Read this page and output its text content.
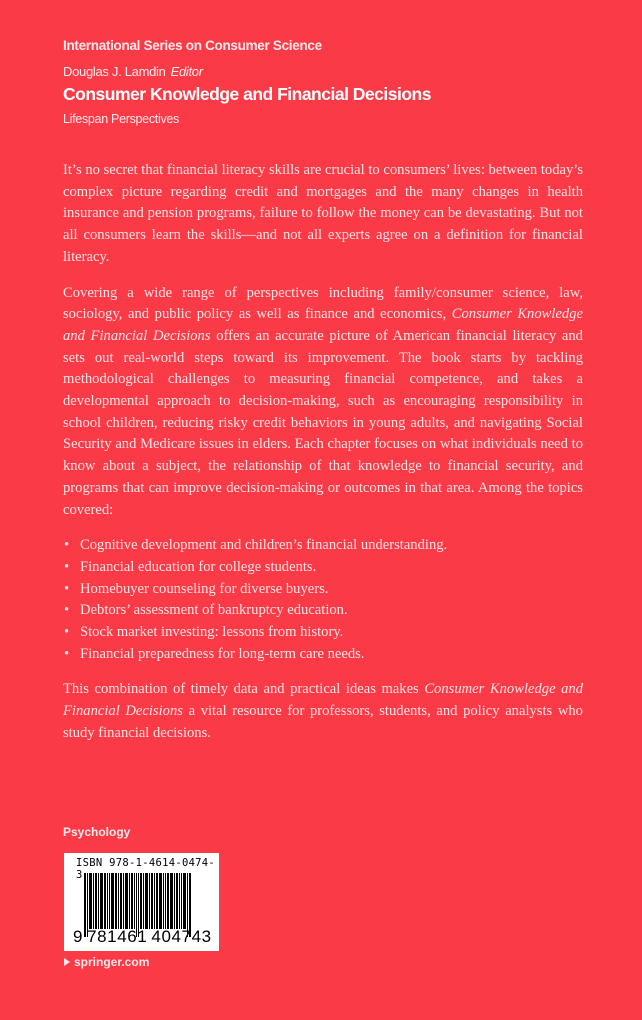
International Series on Consumer Science
Douglas J. Lamdin Editor
Consumer Knowledge and Financial Decisions
Lifespan Perspectives

It’s no secret that financial literacy skills are crucial to consumers’ lives: between today’s complex picture regarding credit and mortgages and the many changes in health insurance and pension programs, failure to follow the money can be devastating. But not all consumers learn the skills—and not all experts agree on a definition for financial literacy.

Covering a wide range of perspectives including family/consumer science, law, sociology, and public policy as well as finance and economics, Consumer Knowledge and Financial Decisions offers an accurate picture of American financial literacy and sets out real-world steps toward its improvement. The book starts by tackling methodological challenges to measuring financial competence, and takes a developmental approach to decision-making, such as encouraging responsibility in school children, reducing risky credit behaviors in young adults, and navigating Social Security and Medicare issues in elders. Each chapter focuses on what individuals need to know about a subject, the relationship of that knowledge to financial security, and programs that can improve decision-making or outcomes in that area. Among the topics covered:

• Cognitive development and children’s financial understanding.
• Financial education for college students.
• Homebuyer counseling for diverse buyers.
• Debtors’ assessment of bankruptcy education.
• Stock market investing: lessons from history.
• Financial preparedness for long-term care needs.

This combination of timely data and practical ideas makes Consumer Knowledge and Financial Decisions a vital resource for professors, students, and policy analysts who study financial decisions.

Psychology
ISBN 978-1-4614-0474-3
9 781461 404743
springer.com
